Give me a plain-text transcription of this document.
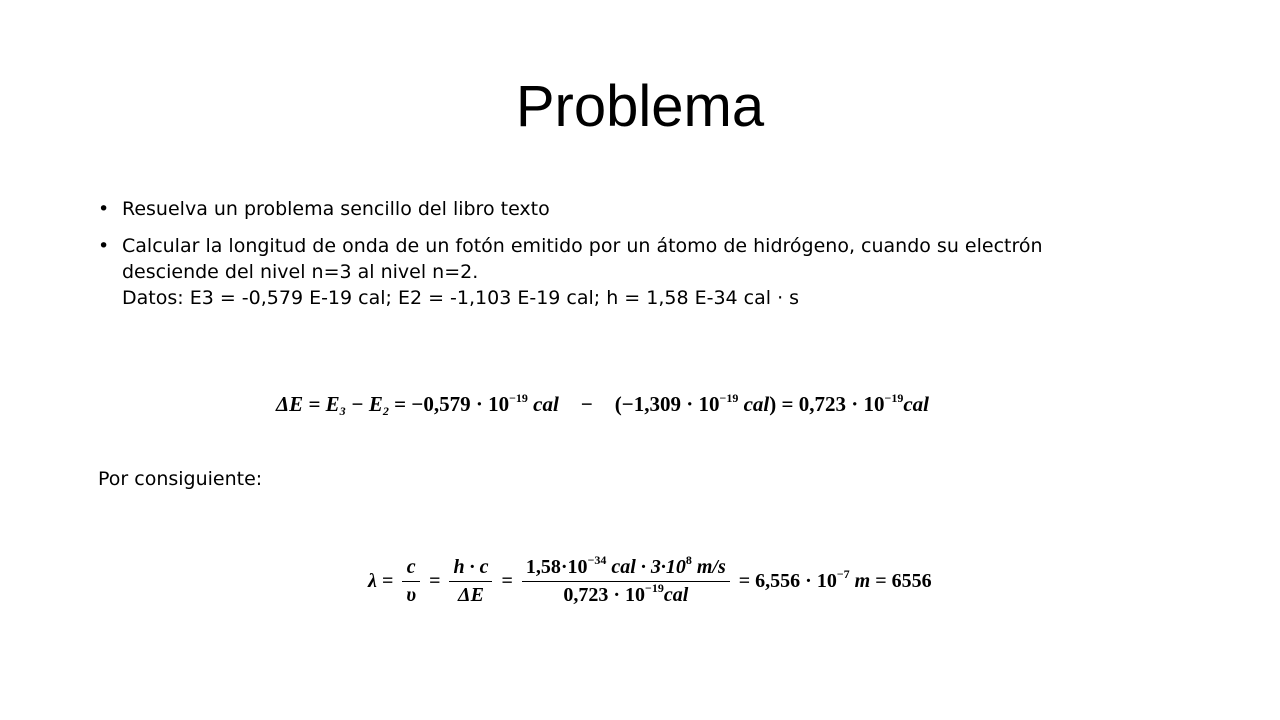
Problema
• Resuelva un problema sencillo del libro texto
• Calcular la longitud de onda de un fotón emitido por un átomo de hidrógeno, cuando su electrón
desciende del nivel n=3 al nivel n=2.
Datos: E3 = -0,579 E-19 cal; E2 = -1,103 E-19 cal; h = 1,58 E-34 cal · s
$\Delta E = E_3 - E_2 = -0,579 \cdot 10^{-19}$ cal − ($-1,309 \cdot 10^{-19}$ $cal) = 0,723 \cdot 10^{-19}cal$
Por consiguiente:
$\lambda = \frac{c}{\upsilon} = \frac{h \cdot c}{\Delta E} = \frac{1,58\cdot 10^{-34} cal \cdot 3\cdot 10^8 m/s}{0,723 \cdot 10^{-19}cal} = 6,556 \cdot 10^{-7}$ m = 6556
